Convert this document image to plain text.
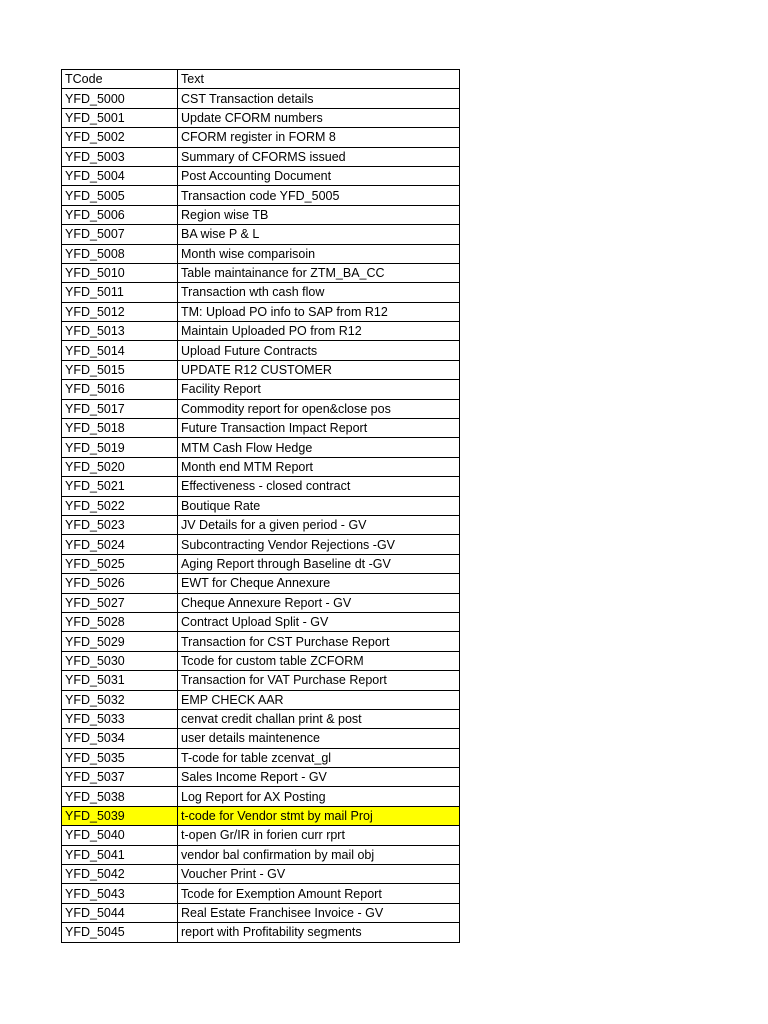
TCode	Text
YFD_5000	CST Transaction details
YFD_5001	Update CFORM numbers
YFD_5002	CFORM register in FORM 8
YFD_5003	Summary of CFORMS issued
YFD_5004	Post Accounting Document
YFD_5005	Transaction code YFD_5005
YFD_5006	Region wise TB
YFD_5007	BA wise P & L
YFD_5008	Month wise comparisoin
YFD_5010	Table maintainance for ZTM_BA_CC
YFD_5011	Transaction wth cash flow
YFD_5012	TM: Upload PO info to SAP from R12
YFD_5013	Maintain Uploaded PO from R12
YFD_5014	Upload Future Contracts
YFD_5015	UPDATE R12 CUSTOMER
YFD_5016	Facility Report
YFD_5017	Commodity report for open&close pos
YFD_5018	Future Transaction Impact Report
YFD_5019	MTM Cash Flow Hedge
YFD_5020	Month end MTM Report
YFD_5021	Effectiveness - closed contract
YFD_5022	Boutique Rate
YFD_5023	JV Details for a given period - GV
YFD_5024	Subcontracting Vendor Rejections -GV
YFD_5025	Aging Report through Baseline dt -GV
YFD_5026	EWT for Cheque Annexure
YFD_5027	Cheque Annexure Report - GV
YFD_5028	Contract Upload Split - GV
YFD_5029	Transaction for CST Purchase Report
YFD_5030	Tcode for custom table ZCFORM
YFD_5031	Transaction for VAT Purchase Report
YFD_5032	EMP CHECK AAR
YFD_5033	cenvat credit challan print & post
YFD_5034	user details maintenence
YFD_5035	T-code for table zcenvat_gl
YFD_5037	Sales Income Report - GV
YFD_5038	Log Report for AX Posting
YFD_5039	t-code for Vendor stmt by mail Proj
YFD_5040	t-open Gr/IR in forien curr rprt
YFD_5041	vendor bal confirmation by mail obj
YFD_5042	Voucher Print - GV
YFD_5043	Tcode for Exemption Amount Report
YFD_5044	Real Estate Franchisee Invoice - GV
YFD_5045	report with Profitability segments
